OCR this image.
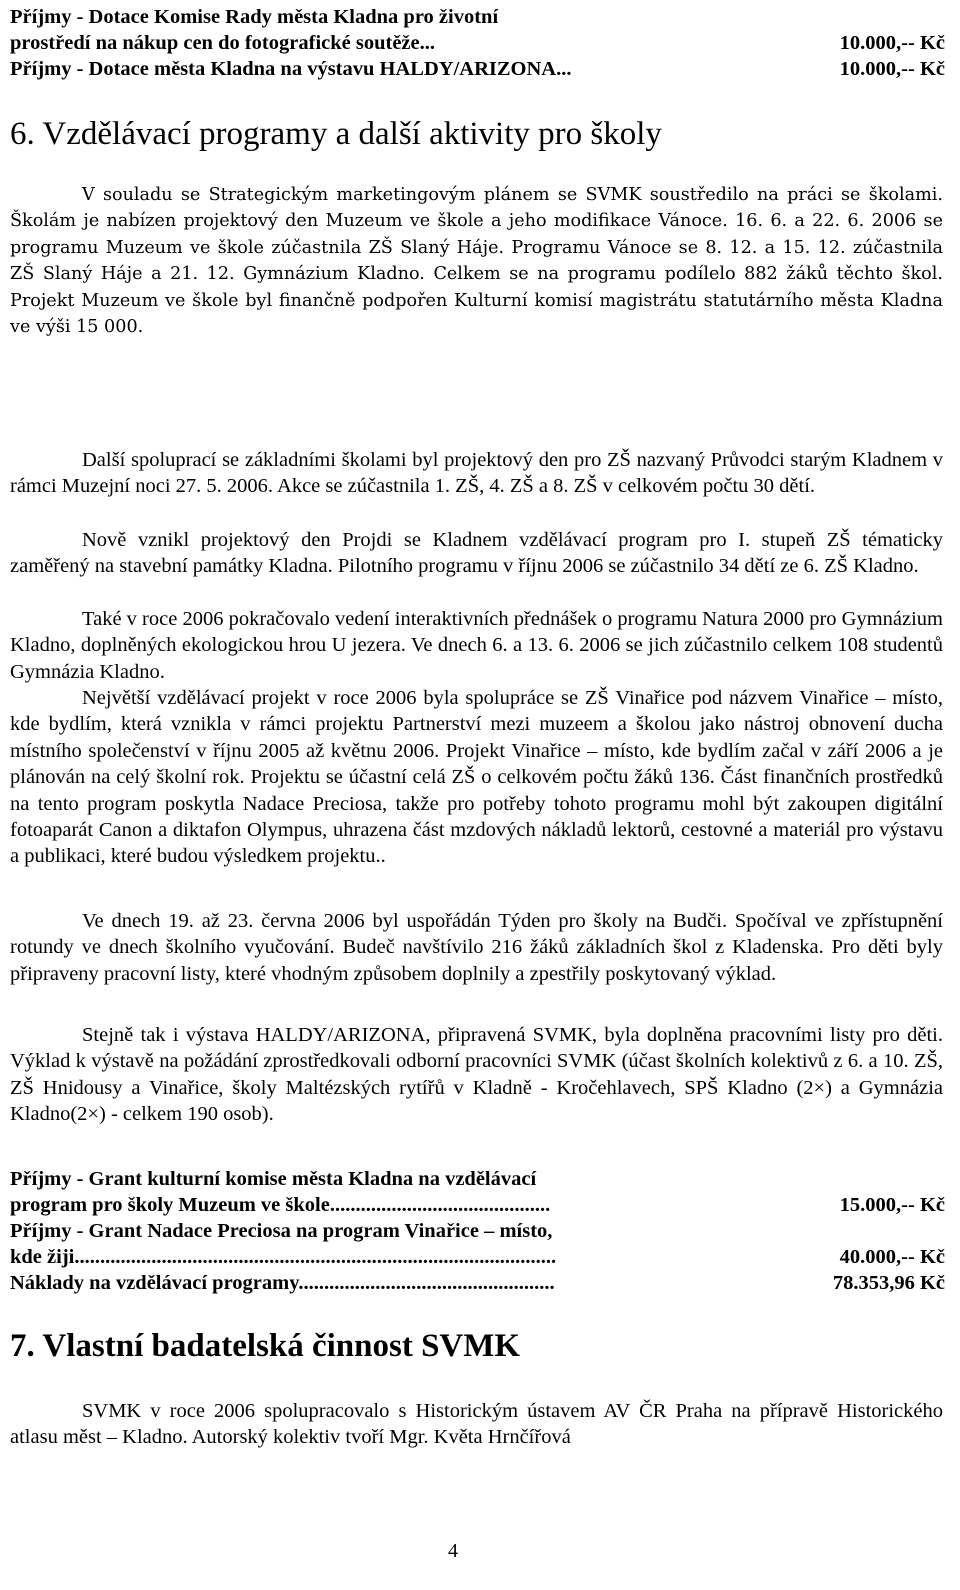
Příjmy - Dotace Komise Rady města Kladna pro životní
prostředí na nákup cen do fotografické soutěže...	10.000,-- Kč
Příjmy - Dotace města Kladna na výstavu HALDY/ARIZONA...	10.000,-- Kč
6. Vzdělávací programy a další aktivity pro školy
V souladu se Strategickým marketingovým plánem se SVMK soustředilo na práci se školami. Školám je nabízen projektový den Muzeum ve škole a jeho modifikace Vánoce. 16. 6. a 22. 6. 2006 se programu Muzeum ve škole zúčastnila ZŠ Slaný Háje. Programu Vánoce se 8. 12. a 15. 12. zúčastnila ZŠ Slaný Háje a 21. 12. Gymnázium Kladno. Celkem se na programu podílelo 882 žáků těchto škol. Projekt Muzeum ve škole byl finančně podpořen Kulturní komisí magistrátu statutárního města Kladna ve výši 15 000.
Další spoluprací se základními školami byl projektový den pro ZŠ nazvaný Průvodci starým Kladnem v rámci Muzejní noci 27. 5. 2006. Akce se zúčastnila 1. ZŠ, 4. ZŠ a 8. ZŠ v celkovém počtu 30 dětí.
Nově vznikl projektový den Projdi se Kladnem vzdělávací program pro I. stupeň ZŠ tématicky zaměřený na stavební památky Kladna. Pilotního programu v říjnu 2006 se zúčastnilo 34 dětí ze 6. ZŠ Kladno.
Také v roce 2006 pokračovalo vedení interaktivních přednášek o programu Natura 2000 pro Gymnázium Kladno, doplněných ekologickou hrou U jezera. Ve dnech 6. a 13. 6. 2006 se jich zúčastnilo celkem 108 studentů Gymnázia Kladno.
Největší vzdělávací projekt v roce 2006 byla spolupráce se ZŠ Vinařice pod názvem Vinařice – místo, kde bydlím, která vznikla v rámci projektu Partnerství mezi muzeem a školou jako nástroj obnovení ducha místního společenství v říjnu 2005 až květnu 2006. Projekt Vinařice – místo, kde bydlím začal v září 2006 a je plánován na celý školní rok. Projektu se účastní celá ZŠ o celkovém počtu žáků 136. Část finančních prostředků na tento program poskytla Nadace Preciosa, takže pro potřeby tohoto programu mohl být zakoupen digitální fotoaparát Canon a diktafon Olympus, uhrazena část mzdových nákladů lektorů, cestovné a materiál pro výstavu a publikaci, které budou výsledkem projektu..
Ve dnech 19. až 23. června 2006 byl uspořádán Týden pro školy na Budči. Spočíval ve zpřístupnění rotundy ve dnech školního vyučování. Budeč navštívilo 216 žáků základních škol z Kladenska. Pro děti byly připraveny pracovní listy, které vhodným způsobem doplnily a zpestřily poskytovaný výklad.
Stejně tak i výstava HALDY/ARIZONA, připravená SVMK, byla doplněna pracovními listy pro děti. Výklad k výstavě na požádání zprostředkovali odborní pracovníci SVMK (účast školních kolektivů z 6. a 10. ZŠ, ZŠ Hnidousy a Vinařice, školy Maltézských rytířů v Kladně - Kročehlavech, SPŠ Kladno (2×) a Gymnázia Kladno(2×) - celkem 190 osob).
Příjmy - Grant kulturní komise města Kladna na vzdělávací
program pro školy Muzeum ve škole...........................................	15.000,-- Kč
Příjmy - Grant Nadace Preciosa na program Vinařice – místo,
kde žiji..............................................................................................	40.000,-- Kč
Náklady na vzdělávací programy..................................................	78.353,96 Kč
7. Vlastní badatelská činnost SVMK
SVMK v roce 2006 spolupracovalo s Historickým ústavem AV ČR Praha na přípravě Historického atlasu měst – Kladno. Autorský kolektiv tvoří Mgr. Květa Hrnčířová
4
